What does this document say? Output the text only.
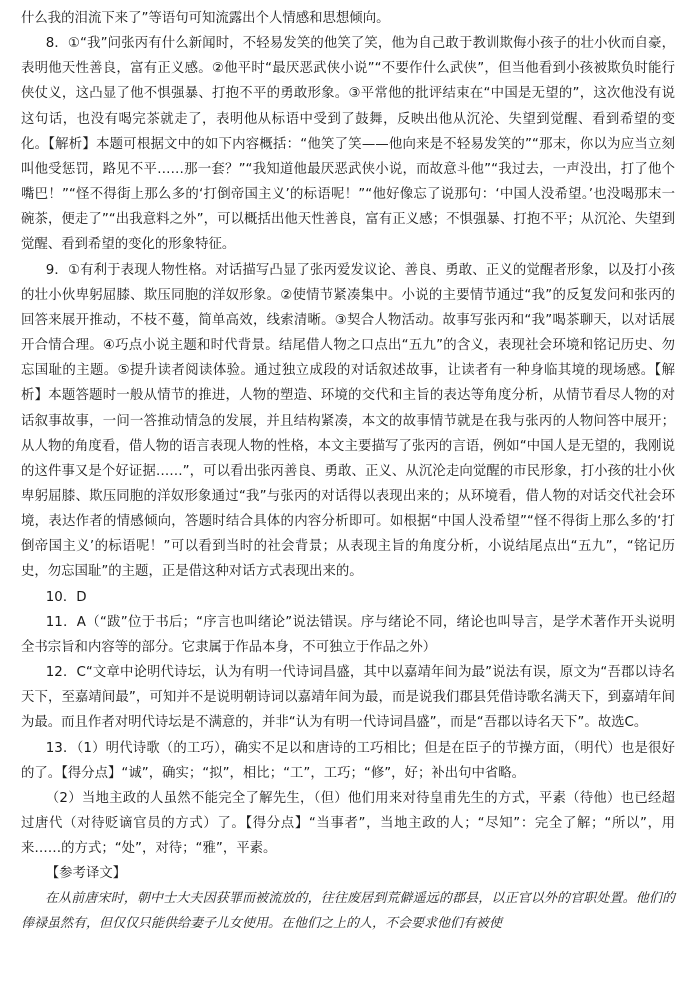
什么我的泪流下来了”等语句可知流露出个人情感和思想倾向。

8．①“我”问张丙有什么新闻时，不轻易发笑的他笑了笑，他为自己敢于教训欺侮小孩子的壮小伙而自豪，表明他天性善良，富有正义感。②他平时“最厌恶武侠小说”“不要作什么武侠”，但当他看到小孩被欺负时能行侠仗义，这凸显了他不惧强暴、打抱不平的勇敢形象。③平常他的批评结束在“中国是无望的”，这次他没有说这句话，也没有喝完茶就走了，表明他从标语中受到了鼓舞，反映出他从沉沦、失望到觉醒、看到希望的变化。【解析】本题可根据文中的如下内容概括：“他笑了笑——他向来是不轻易发笑的”“那末，你以为应当立刻叫他受惩罚，路见不平……那一套？”“我知道他最厌恶武侠小说，而故意斗他”“我过去，一声没出，打了他个嘴巴！”“怪不得街上那么多的‘打倒帝国主义’的标语呢！”“他好像忘了说那句：‘中国人没希望。’也没喝那末一碗茶，便走了”“出我意料之外”，可以概括出他天性善良，富有正义感；不惧强暴、打抱不平；从沉沦、失望到觉醒、看到希望的变化的形象特征。

9．①有利于表现人物性格。对话描写凸显了张丙爱发议论、善良、勇敢、正义的觉醒者形象，以及打小孩的壮小伙卑躬屈膝、欺压同胞的洋奴形象。②使情节紧凑集中。小说的主要情节通过“我”的反复发问和张丙的回答来展开推动，不枝不蔓，简单高效，线索清晰。③契合人物活动。故事写张丙和“我”喝茶聊天，以对话展开合情合理。④巧点小说主题和时代背景。结尾借人物之口点出“五九”的含义，表现社会环境和铭记历史、勿忘国耻的主题。⑤提升读者阅读体验。通过独立成段的对话叙述故事，让读者有一种身临其境的现场感。【解析】本题答题时一般从情节的推进，人物的塑造、环境的交代和主旨的表达等角度分析，从情节看尽人物的对话叙事故事，一问一答推动情急的发展，并且结构紧凑，本文的故事情节就是在我与张丙的人物问答中展开；从人物的角度看，借人物的语言表现人物的性格，本文主要描写了张丙的言语，例如“中国人是无望的，我刚说的这件事又是个好证据……”，可以看出张丙善良、勇敢、正义、从沉沦走向觉醒的市民形象，打小孩的壮小伙卑躬屈膝、欺压同胞的洋奴形象通过“我”与张丙的对话得以表现出来的；从环境看，借人物的对话交代社会环境，表达作者的情感倾向，答题时结合具体的内容分析即可。如根据“中国人没希望”“怪不得街上那么多的‘打倒帝国主义’的标语呢！”可以看到当时的社会背景；从表现主旨的角度分析，小说结尾点出“五九”，“铭记历史，勿忘国耻”的主题，正是借这种对话方式表现出来的。

10．D

11．A（“跋”位于书后；“序言也叫绪论”说法错误。序与绪论不同，绪论也叫导言，是学术著作开头说明全书宗旨和内容等的部分。它隶属于作品本身，不可独立于作品之外）

12．C“文章中论明代诗坛，认为有明一代诗词昌盛，其中以嘉靖年间为最”说法有误，原文为“吾郡以诗名天下，至嘉靖间最”，可知并不是说明朝诗词以嘉靖年间为最，而是说我们郡县凭借诗歌名满天下，到嘉靖年间为最。而且作者对明代诗坛是不满意的，并非“认为有明一代诗词昌盛”，而是“吾郡以诗名天下”。故选C。

13．（1）明代诗歌（的工巧），确实不足以和唐诗的工巧相比；但是在臣子的节操方面，（明代）也是很好的了。【得分点】“诚”，确实；“拟”，相比；“工”，工巧；“修”，好；补出句中省略。

（2）当地主政的人虽然不能完全了解先生，（但）他们用来对待皇甫先生的方式，平素（待他）也已经超过唐代（对待贬谪官员的方式）了。【得分点】“当事者”，当地主政的人；“尽知”：完全了解；“所以”，用来……的方式；“处”，对待；“雅”，平素。

【参考译文】

在从前唐宋时，朝中士大夫因获罪而被流放的，往往废居到荒僻遥远的郡县，以正官以外的官职处置。他们的俸禄虽然有，但仅仅只能供给妻子儿女使用。在他们之上的人，不会要求他们有被使
